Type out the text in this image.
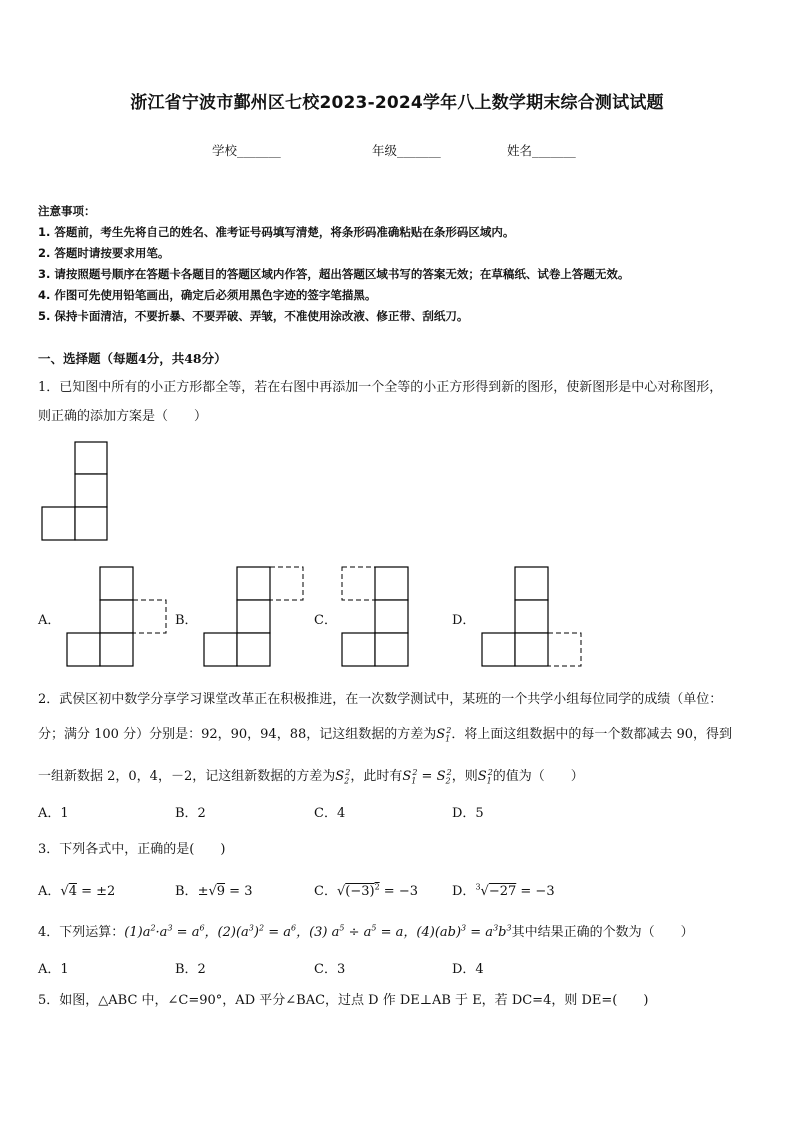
浙江省宁波市鄞州区七校2023-2024学年八上数学期末综合测试试题
学校_______	年级_______	姓名_______
注意事项：
1. 答题前，考生先将自己的姓名、准考证号码填写清楚，将条形码准确粘贴在条形码区域内。
2. 答题时请按要求用笔。
3. 请按照题号顺序在答题卡各题目的答题区域内作答，超出答题区域书写的答案无效；在草稿纸、试卷上答题无效。
4. 作图可先使用铅笔画出，确定后必须用黑色字迹的签字笔描黑。
5. 保持卡面清洁，不要折暴、不要弄破、弄皱，不准使用涂改液、修正带、刮纸刀。
一、选择题（每题4分，共48分）
1．已知图中所有的小正方形都全等，若在右图中再添加一个全等的小正方形得到新的图形，使新图形是中心对称图形，
则正确的添加方案是（　　）
A．	B．	C．	D．
2．武侯区初中数学分享学习课堂改革正在积极推进，在一次数学测试中，某班的一个共学小组每位同学的成绩（单位：
分；满分 100 分）分别是：92，90，94，88，记这组数据的方差为$S_1^2$．将上面这组数据中的每一个数都减去 90，得到
一组新数据 2，0，4，－2，记这组新数据的方差为$S_2^2$，此时有$S_1^2 = S_2^2$，则$S_1^2$的值为（　　）
A．1	B．2	C．4	D．5
3．下列各式中，正确的是(　　)
A．√4 = ±2	B．±√9 = 3	C．$√(-3)^2 = -3$	D．$^3$√−27 = −3
4．下列运算：$(1)a^2\cdot a^3 = a^6$，$(2)(a^3)^2 = a^6$，(3) $a^5 \div a^5 = a$，$(4)(ab)^3 = a^3b^3$其中结果正确的个数为（　　）
A．1	B．2	C．3	D．4
5．如图，△ABC 中，∠C=90°，AD 平分∠BAC，过点 D 作 DE⊥AB 于 E，若 DC=4，则 DE=(　　)
